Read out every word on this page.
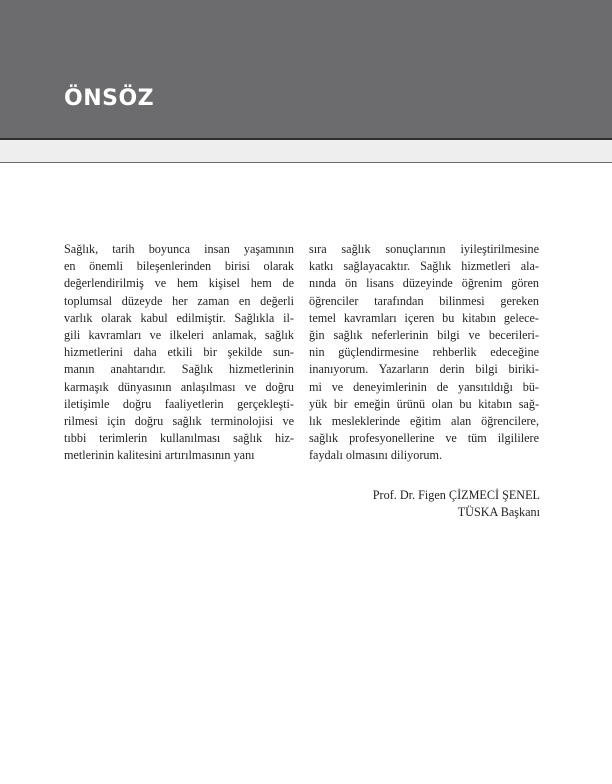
ÖNSÖZ
Sağlık, tarih boyunca insan yaşamının
en önemli bileşenlerinden birisi olarak
değerlendirilmiş ve hem kişisel hem de
toplumsal düzeyde her zaman en değerli
varlık olarak kabul edilmiştir. Sağlıkla il-
gili kavramları ve ilkeleri anlamak, sağlık
hizmetlerini daha etkili bir şekilde sun-
manın anahtarıdır. Sağlık hizmetlerinin
karmaşık dünyasının anlaşılması ve doğru
iletişimle doğru faaliyetlerin gerçekleşti-
rilmesi için doğru sağlık terminolojisi ve
tıbbi terimlerin kullanılması sağlık hiz-
metlerinin kalitesini artırılmasının yanı
sıra sağlık sonuçlarının iyileştirilmesine
katkı sağlayacaktır. Sağlık hizmetleri ala-
nında ön lisans düzeyinde öğrenim gören
öğrenciler tarafından bilinmesi gereken
temel kavramları içeren bu kitabın gelece-
ğin sağlık neferlerinin bilgi ve becerileri-
nin güçlendirmesine rehberlik edeceğine
inanıyorum. Yazarların derin bilgi biriki-
mi ve deneyimlerinin de yansıtıldığı bü-
yük bir emeğin ürünü olan bu kitabın sağ-
lık mesleklerinde eğitim alan öğrencilere,
sağlık profesyonellerine ve tüm ilgililere
faydalı olmasını diliyorum.
Prof. Dr. Figen ÇİZMECİ ŞENEL
TÜSKA Başkanı
